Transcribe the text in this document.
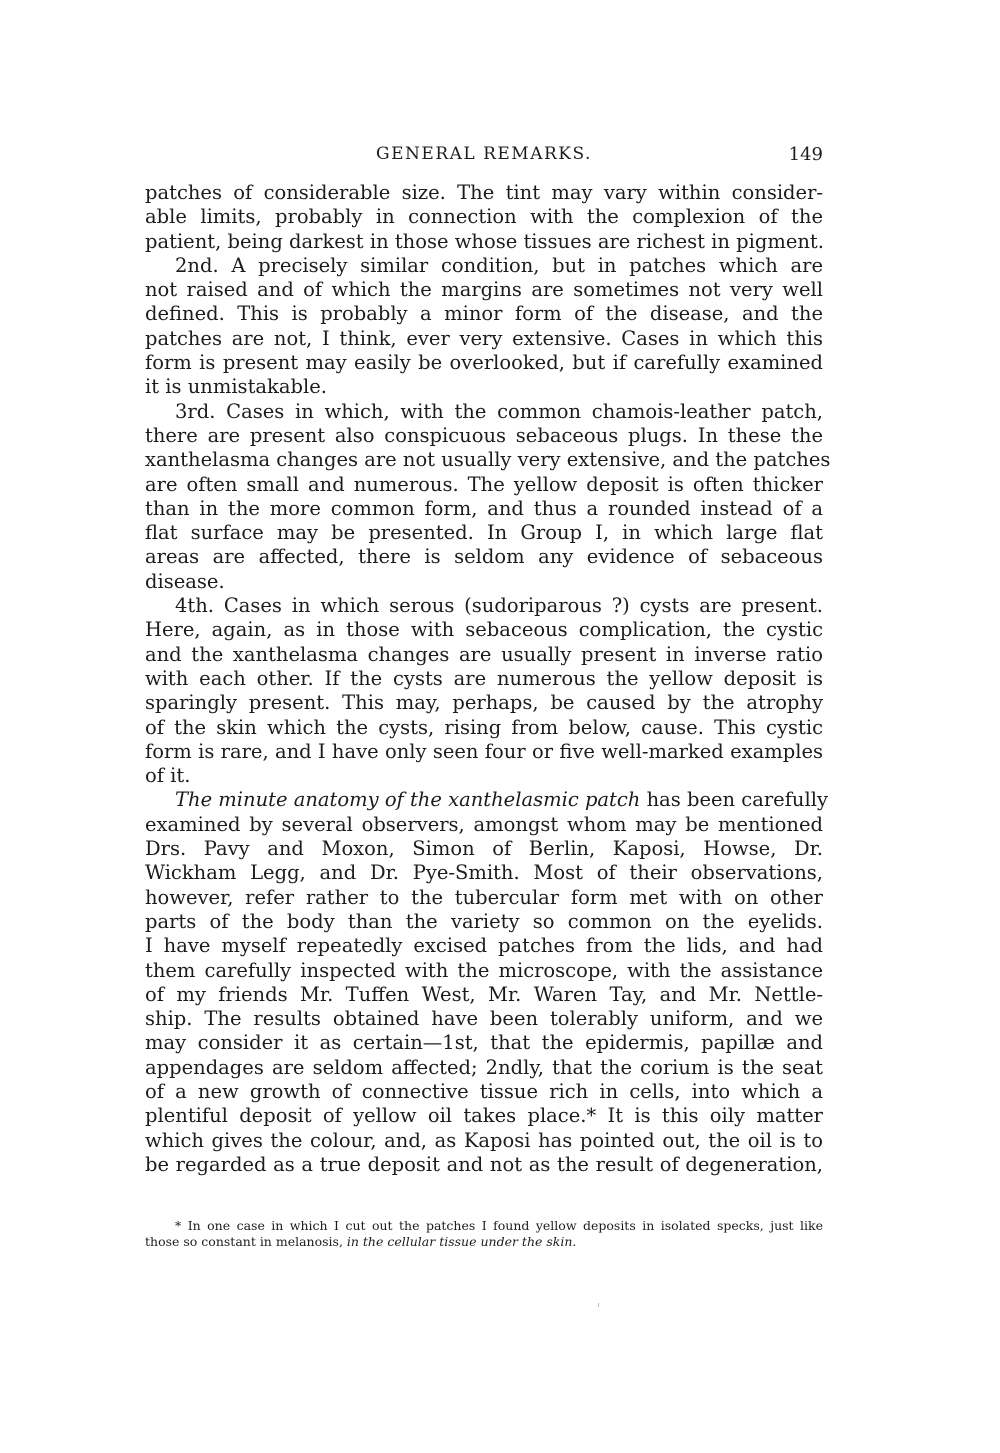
GENERAL REMARKS.	149
patches of considerable size. The tint may vary within consider-
able limits, probably in connection with the complexion of the
patient, being darkest in those whose tissues are richest in pigment.
2nd. A precisely similar condition, but in patches which are
not raised and of which the margins are sometimes not very well
defined. This is probably a minor form of the disease, and the
patches are not, I think, ever very extensive. Cases in which this
form is present may easily be overlooked, but if carefully examined
it is unmistakable.
3rd. Cases in which, with the common chamois-leather patch,
there are present also conspicuous sebaceous plugs. In these the
xanthelasma changes are not usually very extensive, and the patches
are often small and numerous. The yellow deposit is often thicker
than in the more common form, and thus a rounded instead of a
flat surface may be presented. In Group I, in which large flat
areas are affected, there is seldom any evidence of sebaceous
disease.
4th. Cases in which serous (sudoriparous ?) cysts are present.
Here, again, as in those with sebaceous complication, the cystic
and the xanthelasma changes are usually present in inverse ratio
with each other. If the cysts are numerous the yellow deposit is
sparingly present. This may, perhaps, be caused by the atrophy
of the skin which the cysts, rising from below, cause. This cystic
form is rare, and I have only seen four or five well-marked examples
of it.
The minute anatomy of the xanthelasmic patch has been carefully
examined by several observers, amongst whom may be mentioned
Drs. Pavy and Moxon, Simon of Berlin, Kaposi, Howse, Dr.
Wickham Legg, and Dr. Pye-Smith. Most of their observations,
however, refer rather to the tubercular form met with on other
parts of the body than the variety so common on the eyelids.
I have myself repeatedly excised patches from the lids, and had
them carefully inspected with the microscope, with the assistance
of my friends Mr. Tuffen West, Mr. Waren Tay, and Mr. Nettle-
ship. The results obtained have been tolerably uniform, and we
may consider it as certain—1st, that the epidermis, papillæ and
appendages are seldom affected; 2ndly, that the corium is the seat
of a new growth of connective tissue rich in cells, into which a
plentiful deposit of yellow oil takes place.* It is this oily matter
which gives the colour, and, as Kaposi has pointed out, the oil is to
be regarded as a true deposit and not as the result of degeneration,
* In one case in which I cut out the patches I found yellow deposits in isolated specks, just like
those so constant in melanosis, in the cellular tissue under the skin.
